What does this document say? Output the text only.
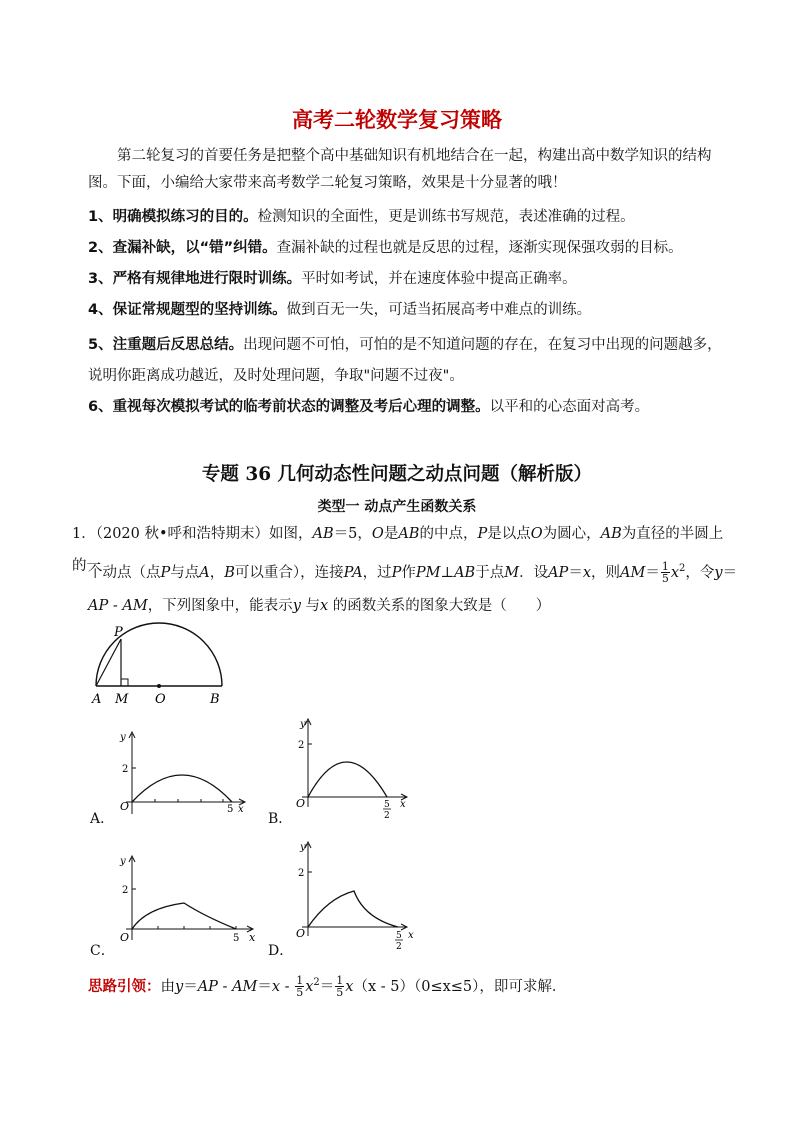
高考二轮数学复习策略
第二轮复习的首要任务是把整个高中基础知识有机地结合在一起，构建出高中数学知识的结构图。下面，小编给大家带来高考数学二轮复习策略，效果是十分显著的哦！
1、明确模拟练习的目的。检测知识的全面性，更是训练书写规范，表述准确的过程。
2、查漏补缺，以“错”纠错。查漏补缺的过程也就是反思的过程，逐渐实现保强攻弱的目标。
3、严格有规律地进行限时训练。平时如考试，并在速度体验中提高正确率。
4、保证常规题型的坚持训练。做到百无一失，可适当拓展高考中难点的训练。
5、注重题后反思总结。出现问题不可怕，可怕的是不知道问题的存在，在复习中出现的问题越多，说明你距离成功越近，及时处理问题，争取"问题不过夜"。
6、重视每次模拟考试的临考前状态的调整及考后心理的调整。以平和的心态面对高考。
专题 36 几何动态性问题之动点问题（解析版）
类型一 动点产生函数关系
1．（2020 秋•呼和浩特期末）如图，AB＝5，O是AB的中点，P是以点O为圆心，AB为直径的半圆上的一
个动点（点P与点A，B可以重合），连接PA，过P作PM⊥AB于点M．设AP＝x，则$AM= \frac{1}{5} x^2$，令y＝
AP - AM，下列图象中，能表示y 与x 的函数关系的图象大致是（　　）
P
A M O	B
A．
y
2
O	5 x
B．
y
2
O	5
2
x
C．
y
2
O	5 x
D．
y
2
O	5
2
x
思路引领：由$y=AP - AM=x - \frac{1}{5} x^2= \frac{1}{5} x(x - 5)(0\le x\le 5)$，即可求解．
